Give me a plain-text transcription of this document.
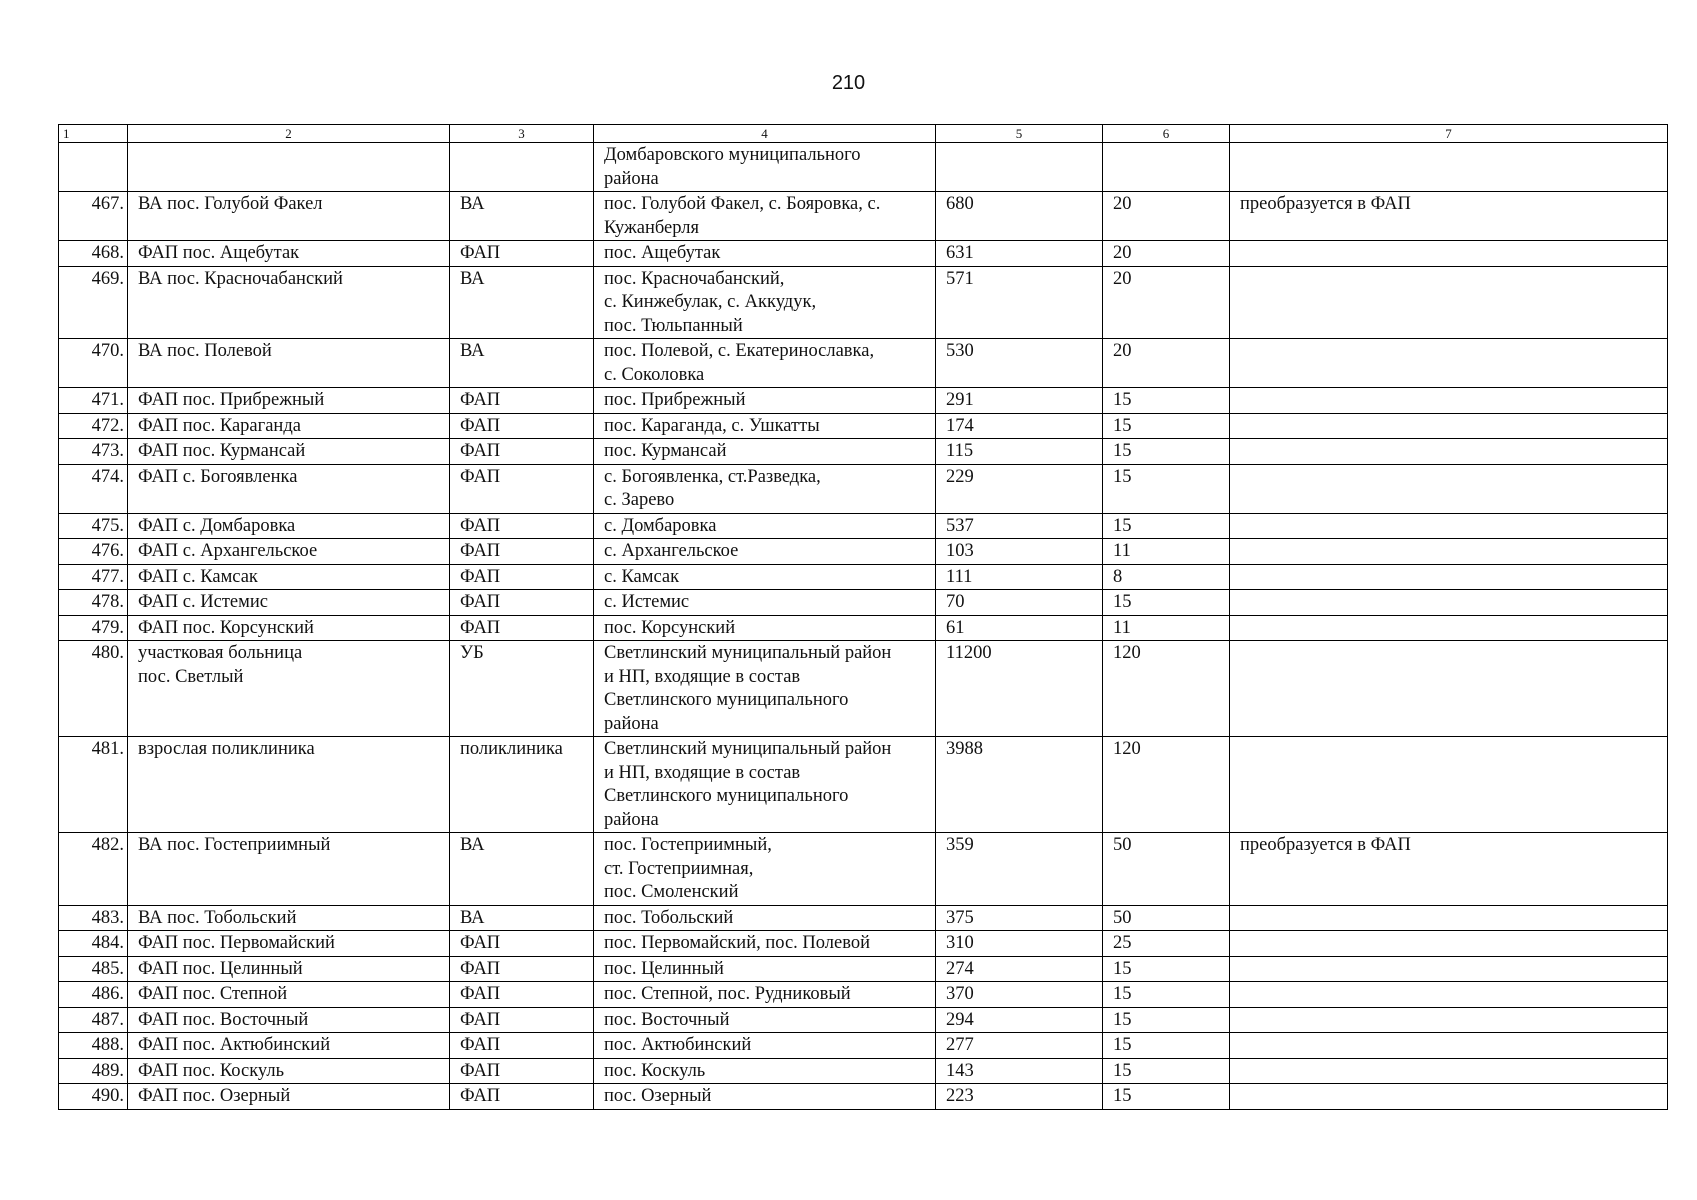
210
1	2	3	4	5	6	7
			Домбаровского муниципального
района			
467.	ВА пос. Голубой Факел	ВА	пос. Голубой Факел, с. Бояровка, с.
Кужанберля	680	20	преобразуется в ФАП
468.	ФАП пос. Ащебутак	ФАП	пос. Ащебутак	631	20	
469.	ВА пос. Красночабанский	ВА	пос. Красночабанский,
с. Кинжебулак, с. Аккудук,
пос. Тюльпанный	571	20	
470.	ВА пос. Полевой	ВА	пос. Полевой, с. Екатеринославка,
с. Соколовка	530	20	
471.	ФАП пос. Прибрежный	ФАП	пос. Прибрежный	291	15	
472.	ФАП пос. Караганда	ФАП	пос. Караганда, с. Ушкатты	174	15	
473.	ФАП пос. Курмансай	ФАП	пос. Курмансай	115	15	
474.	ФАП с. Богоявленка	ФАП	с. Богоявленка, ст.Разведка,
с. Зарево	229	15	
475.	ФАП с. Домбаровка	ФАП	с. Домбаровка	537	15	
476.	ФАП с. Архангельское	ФАП	с. Архангельское	103	11	
477.	ФАП с. Камсак	ФАП	с. Камсак	111	8	
478.	ФАП с. Истемис	ФАП	с. Истемис	70	15	
479.	ФАП пос. Корсунский	ФАП	пос. Корсунский	61	11	
480.	участковая больница
пос. Светлый	УБ	Светлинский муниципальный район
и НП, входящие в состав
Светлинского муниципального
района	11200	120	
481.	взрослая поликлиника	поликлиника	Светлинский муниципальный район
и НП, входящие в состав
Светлинского муниципального
района	3988	120	
482.	ВА пос. Гостеприимный	ВА	пос. Гостеприимный,
ст. Гостеприимная,
пос. Смоленский	359	50	преобразуется в ФАП
483.	ВА пос. Тобольский	ВА	пос. Тобольский	375	50	
484.	ФАП пос. Первомайский	ФАП	пос. Первомайский, пос. Полевой	310	25	
485.	ФАП пос. Целинный	ФАП	пос. Целинный	274	15	
486.	ФАП пос. Степной	ФАП	пос. Степной, пос. Рудниковый	370	15	
487.	ФАП пос. Восточный	ФАП	пос. Восточный	294	15	
488.	ФАП пос. Актюбинский	ФАП	пос. Актюбинский	277	15	
489.	ФАП пос. Коскуль	ФАП	пос. Коскуль	143	15	
490.	ФАП пос. Озерный	ФАП	пос. Озерный	223	15	
